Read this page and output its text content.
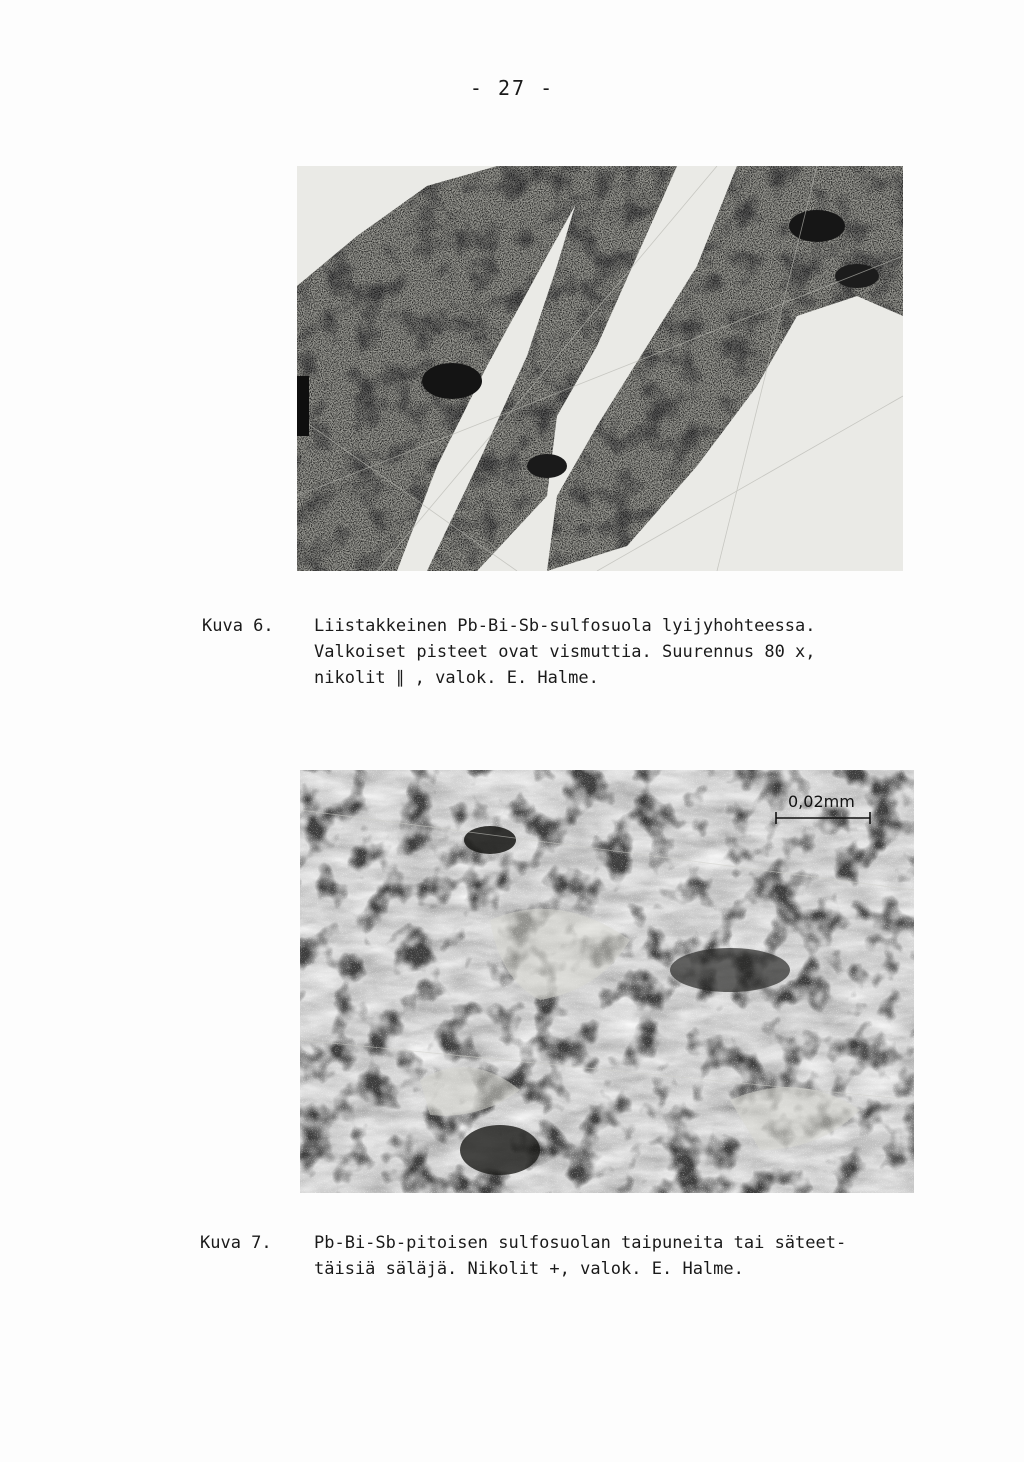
- 27 -
Kuva 6. Liistakkeinen Pb-Bi-Sb-sulfosuola lyijyhohteessa.
Valkoiset pisteet ovat vismuttia. Suurennus 80 x,
nikolit ∥ , valok. E. Halme.
0,02mm
Kuva 7. Pb-Bi-Sb-pitoisen sulfosuolan taipuneita tai säteet-
täisiä säläjä. Nikolit +, valok. E. Halme.
